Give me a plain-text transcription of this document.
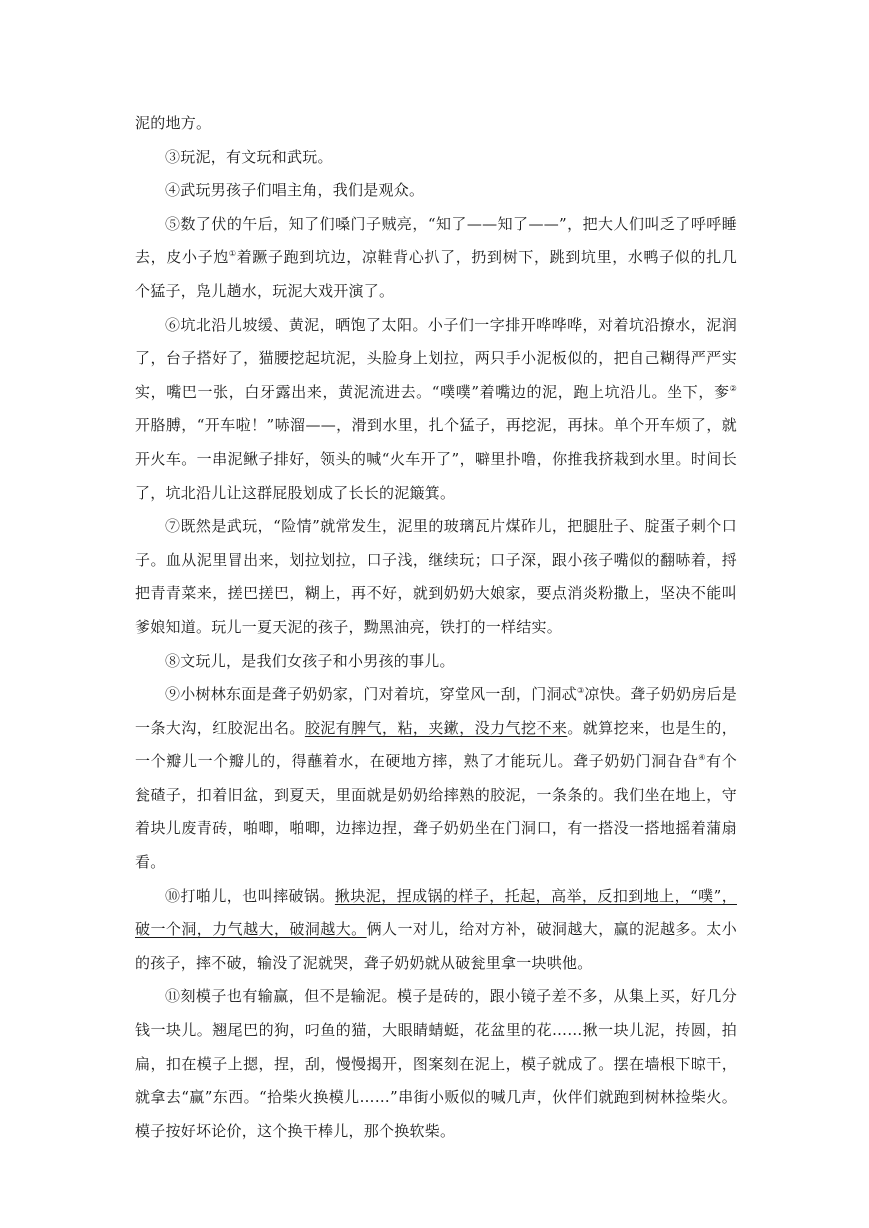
泥的地方。

③玩泥，有文玩和武玩。

④武玩男孩子们唱主角，我们是观众。

⑤数了伏的午后，知了们嗓门子贼亮，“知了——知了——”，把大人们叫乏了呼呼睡去，皮小子尥①着蹶子跑到坑边，凉鞋背心扒了，扔到树下，跳到坑里，水鸭子似的扎几个猛子，凫儿趟水，玩泥大戏开演了。

⑥坑北沿儿坡缓、黄泥，晒饱了太阳。小子们一字排开哗哗哗，对着坑沿撩水，泥润了，台子搭好了，猫腰挖起坑泥，头脸身上划拉，两只手小泥板似的，把自己糊得严严实实，嘴巴一张，白牙露出来，黄泥流进去。“噗噗”着嘴边的泥，跑上坑沿儿。坐下，奓②开胳膊，“开车啦！”哧溜——，滑到水里，扎个猛子，再挖泥，再抹。单个开车烦了，就开火车。一串泥鳅子排好，领头的喊“火车开了”，噼里扑噜，你推我挤栽到水里。时间长了，坑北沿儿让这群屁股划成了长长的泥簸箕。

⑦既然是武玩，“险情”就常发生，泥里的玻璃瓦片煤砟儿，把腿肚子、腚蛋子刺个口子。血从泥里冒出来，划拉划拉，口子浅，继续玩；口子深，跟小孩子嘴似的翻哧着，捋把青青菜来，搓巴搓巴，糊上，再不好，就到奶奶大娘家，要点消炎粉撒上，坚决不能叫爹娘知道。玩儿一夏天泥的孩子，黝黑油亮，铁打的一样结实。

⑧文玩儿，是我们女孩子和小男孩的事儿。

⑨小树林东面是聋子奶奶家，门对着坑，穿堂风一刮，门洞忒③凉快。聋子奶奶房后是一条大沟，红胶泥出名。胶泥有脾气，粘，夹鏉，没力气挖不来。就算挖来，也是生的，一个瓣儿一个瓣儿的，得蘸着水，在硬地方摔，熟了才能玩儿。聋子奶奶门洞旮旮④有个瓮碴子，扣着旧盆，到夏天，里面就是奶奶给摔熟的胶泥，一条条的。我们坐在地上，守着块儿废青砖，啪唧，啪唧，边摔边捏，聋子奶奶坐在门洞口，有一搭没一搭地摇着蒲扇看。

⑩打啪儿，也叫摔破锅。揪块泥，捏成锅的样子，托起，高举，反扣到地上，“噗”，破一个洞，力气越大，破洞越大。俩人一对儿，给对方补，破洞越大，赢的泥越多。太小的孩子，摔不破，输没了泥就哭，聋子奶奶就从破瓮里拿一块哄他。

⑪刻模子也有输赢，但不是输泥。模子是砖的，跟小镜子差不多，从集上买，好几分钱一块儿。翘尾巴的狗，叼鱼的猫，大眼睛蜻蜓，花盆里的花……揪一块儿泥，抟圆，拍扁，扣在模子上摁，捏，刮，慢慢揭开，图案刻在泥上，模子就成了。摆在墙根下晾干，就拿去“赢”东西。“拾柴火换模儿……”串街小贩似的喊几声，伙伴们就跑到树林捡柴火。模子按好坏论价，这个换干棒儿，那个换软柴。
